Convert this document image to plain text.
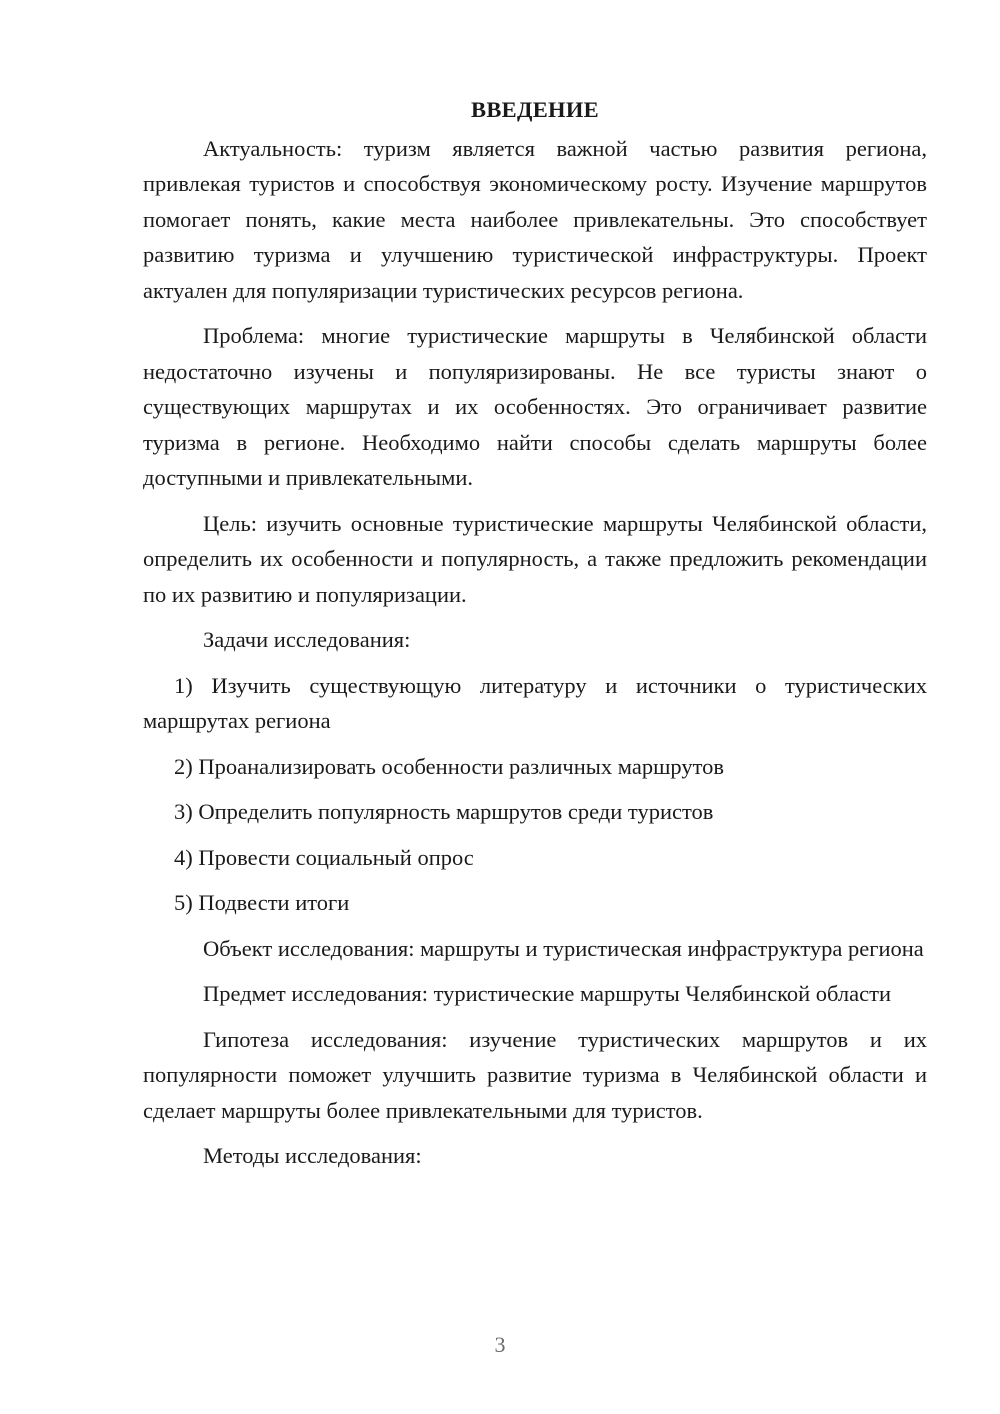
ВВЕДЕНИЕ

Актуальность: туризм является важной частью развития региона, привлекая туристов и способствуя экономическому росту. Изучение маршрутов помогает понять, какие места наиболее привлекательны. Это способствует развитию туризма и улучшению туристической инфраструктуры. Проект актуален для популяризации туристических ресурсов региона.

Проблема: многие туристические маршруты в Челябинской области недостаточно изучены и популяризированы. Не все туристы знают о существующих маршрутах и их особенностях. Это ограничивает развитие туризма в регионе. Необходимо найти способы сделать маршруты более доступными и привлекательными.

Цель: изучить основные туристические маршруты Челябинской области, определить их особенности и популярность, а также предложить рекомендации по их развитию и популяризации.

Задачи исследования:

1) Изучить существующую литературу и источники о туристических маршрутах региона

2) Проанализировать особенности различных маршрутов

3) Определить популярность маршрутов среди туристов

4) Провести социальный опрос

5) Подвести итоги

Объект исследования: маршруты и туристическая инфраструктура региона

Предмет исследования: туристические маршруты Челябинской области

Гипотеза исследования: изучение туристических маршрутов и их популярности поможет улучшить развитие туризма в Челябинской области и сделает маршруты более привлекательными для туристов.

Методы исследования:

3
